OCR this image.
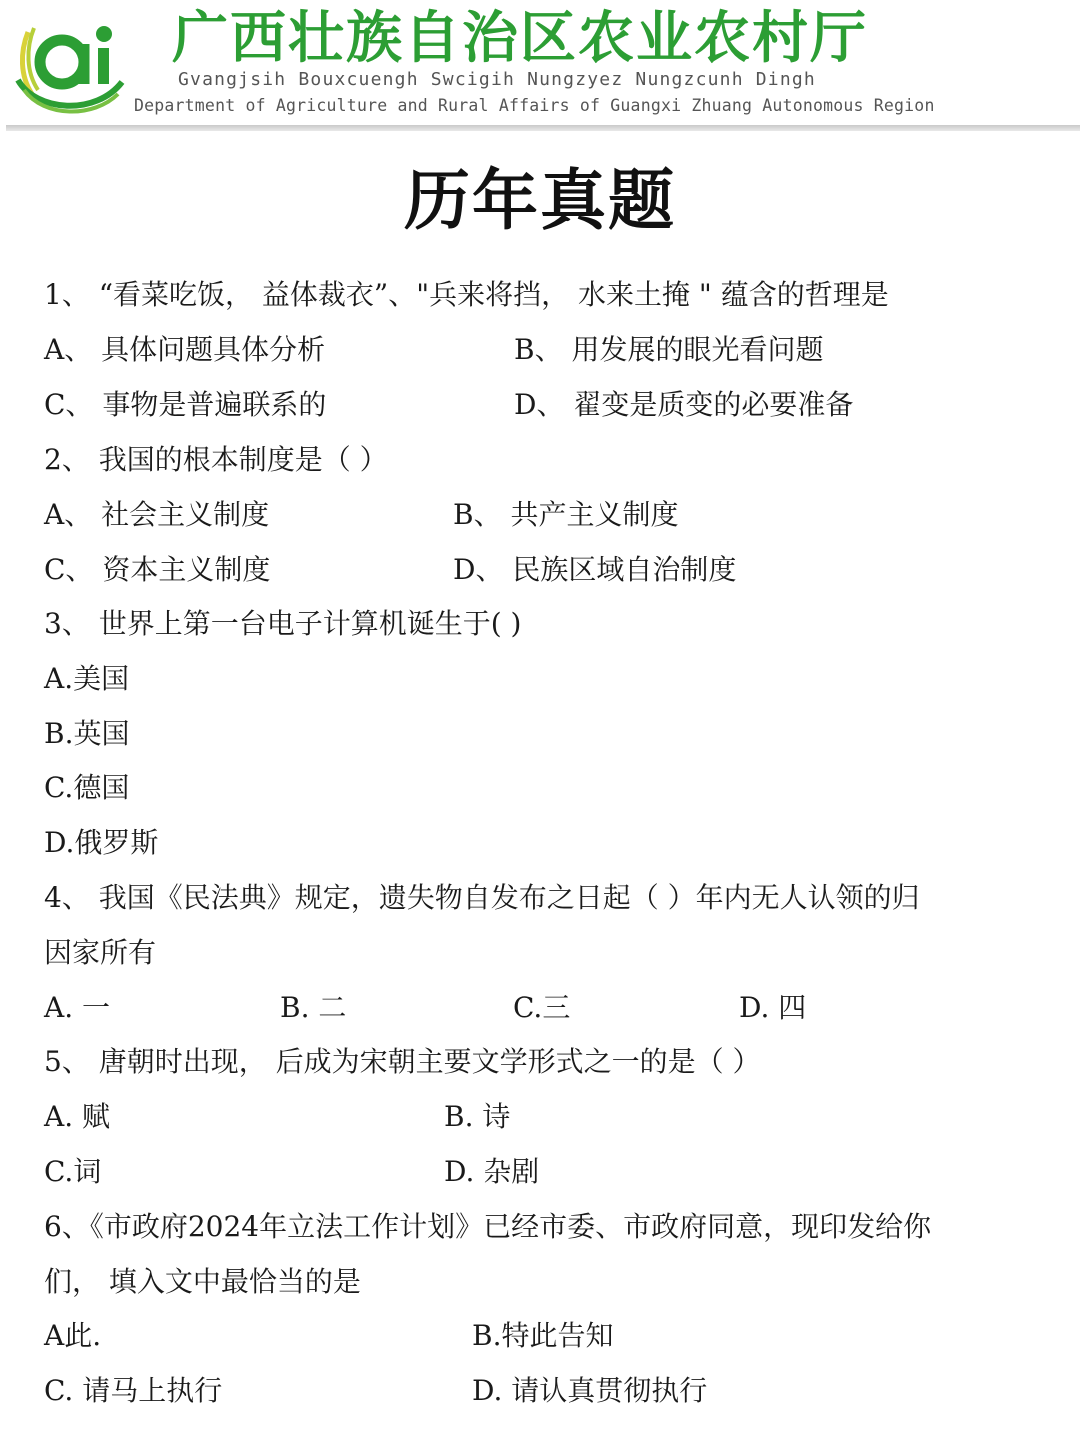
广西壮族自治区农业农村厅
Gvangjsih Bouxcuengh Swcigih Nungzyez Nungzcunh Dingh
Department of Agriculture and Rural Affairs of Guangxi Zhuang Autonomous Region
历年真题
1、 “看菜吃饭， 益体裁衣”、"兵来将挡， 水来土掩 " 蕴含的哲理是
A、 具体问题具体分析	B、 用发展的眼光看问题
C、 事物是普遍联系的	D、 翟变是质变的必要准备
2、 我国的根本制度是（ ）
A、 社会主义制度	B、 共产主义制度
C、 资本主义制度	D、 民族区域自治制度
3、 世界上第一台电子计算机诞生于( )
A.美国
B.英国
C.德国
D.俄罗斯
4、 我国《民法典》规定，遗失物自发布之日起（ ）年内无人认领的归
因家所有
A. 一	B. 二	C.三	D. 四
5、 唐朝时出现， 后成为宋朝主要文学形式之一的是（ ）
A. 赋	B. 诗
C.词	D. 杂剧
6、《市政府2024年立法工作计划》已经市委、市政府同意，现印发给你
们， 填入文中最恰当的是
A此.	B.特此告知
C. 请马上执行	D. 请认真贯彻执行
